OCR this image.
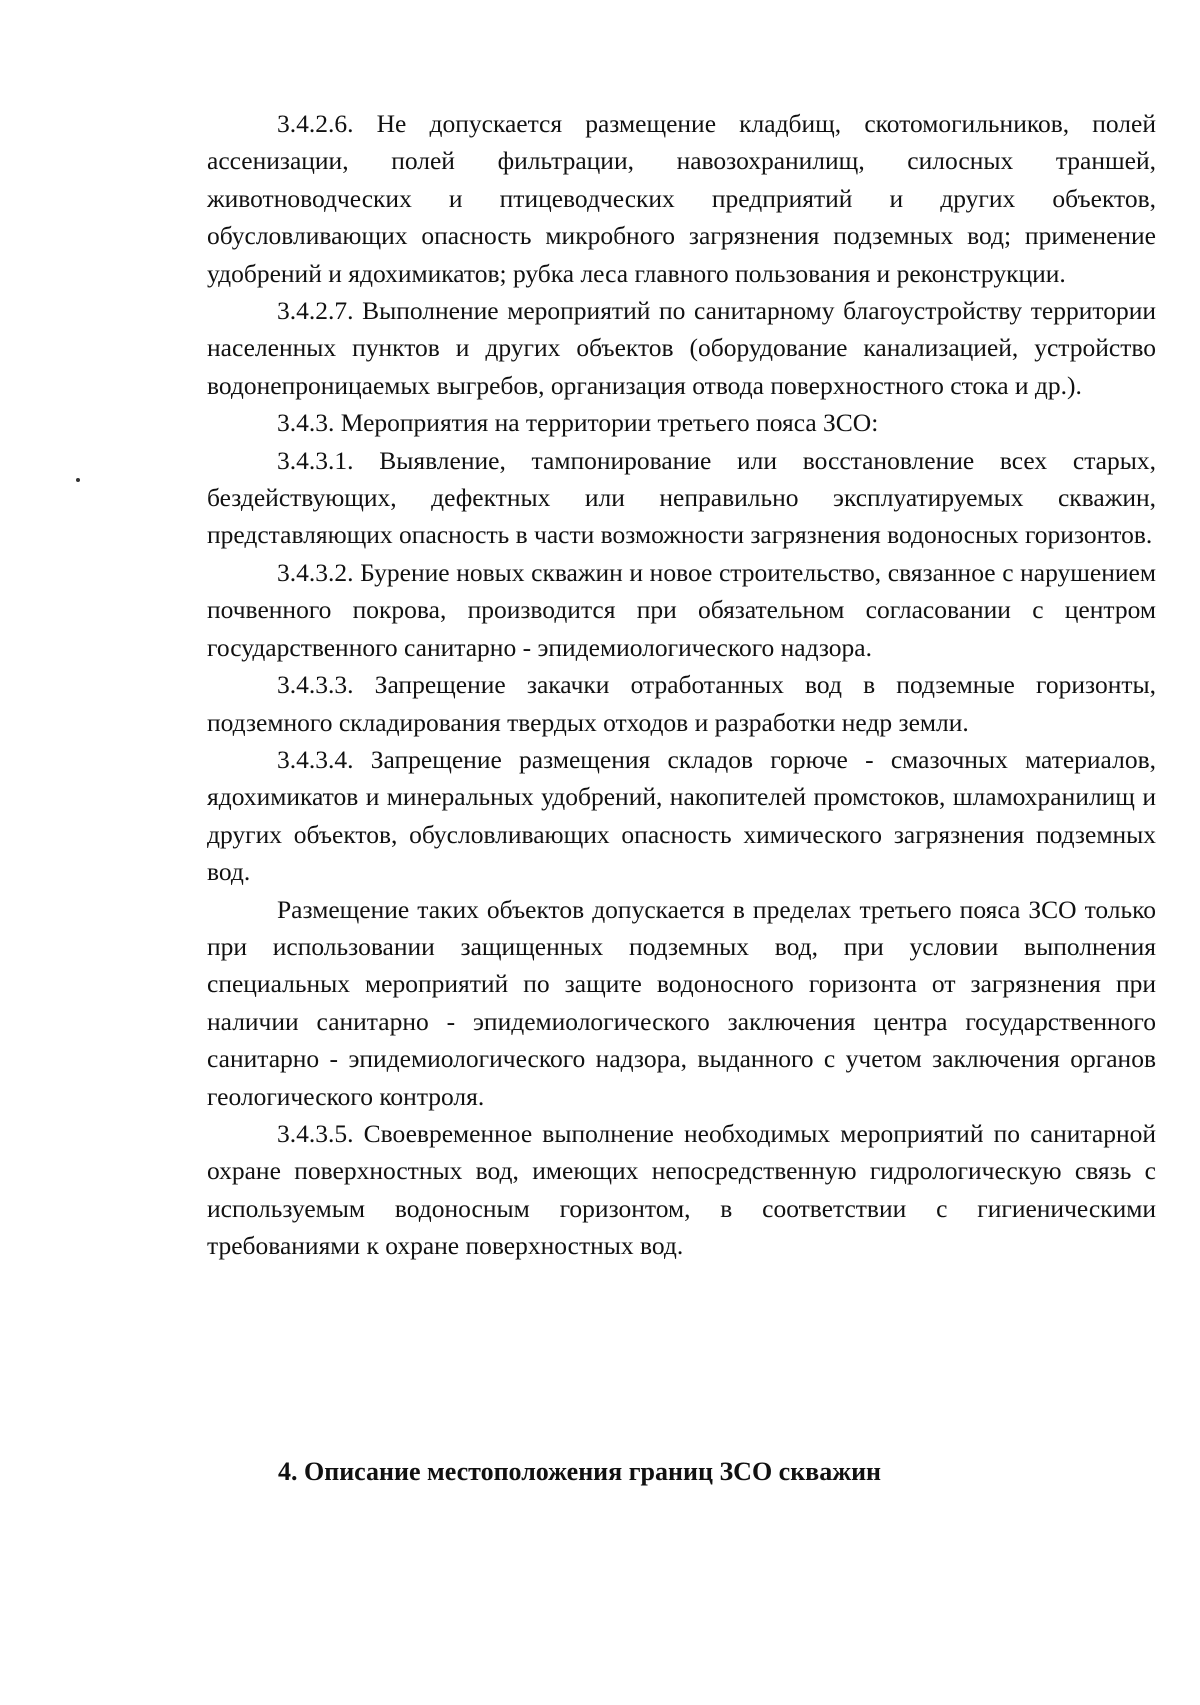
3.4.2.6. Не допускается размещение кладбищ, скотомогильников, полей ассенизации, полей фильтрации, навозохранилищ, силосных траншей, животноводческих и птицеводческих предприятий и других объектов, обусловливающих опасность микробного загрязнения подземных вод; применение удобрений и ядохимикатов; рубка леса главного пользования и реконструкции.

3.4.2.7. Выполнение мероприятий по санитарному благоустройству территории населенных пунктов и других объектов (оборудование канализацией, устройство водонепроницаемых выгребов, организация отвода поверхностного стока и др.).

3.4.3. Мероприятия на территории третьего пояса ЗСО:

3.4.3.1. Выявление, тампонирование или восстановление всех старых, бездействующих, дефектных или неправильно эксплуатируемых скважин, представляющих опасность в части возможности загрязнения водоносных горизонтов.

3.4.3.2. Бурение новых скважин и новое строительство, связанное с нарушением почвенного покрова, производится при обязательном согласовании с центром государственного санитарно - эпидемиологического надзора.

3.4.3.3. Запрещение закачки отработанных вод в подземные горизонты, подземного складирования твердых отходов и разработки недр земли.

3.4.3.4. Запрещение размещения складов горюче - смазочных материалов, ядохимикатов и минеральных удобрений, накопителей промстоков, шламохранилищ и других объектов, обусловливающих опасность химического загрязнения подземных вод.

Размещение таких объектов допускается в пределах третьего пояса ЗСО только при использовании защищенных подземных вод, при условии выполнения специальных мероприятий по защите водоносного горизонта от загрязнения при наличии санитарно - эпидемиологического заключения центра государственного санитарно - эпидемиологического надзора, выданного с учетом заключения органов геологического контроля.

3.4.3.5. Своевременное выполнение необходимых мероприятий по санитарной охране поверхностных вод, имеющих непосредственную гидрологическую связь с используемым водоносным горизонтом, в соответствии с гигиеническими требованиями к охране поверхностных вод.

4. Описание местоположения границ ЗСО скважин
